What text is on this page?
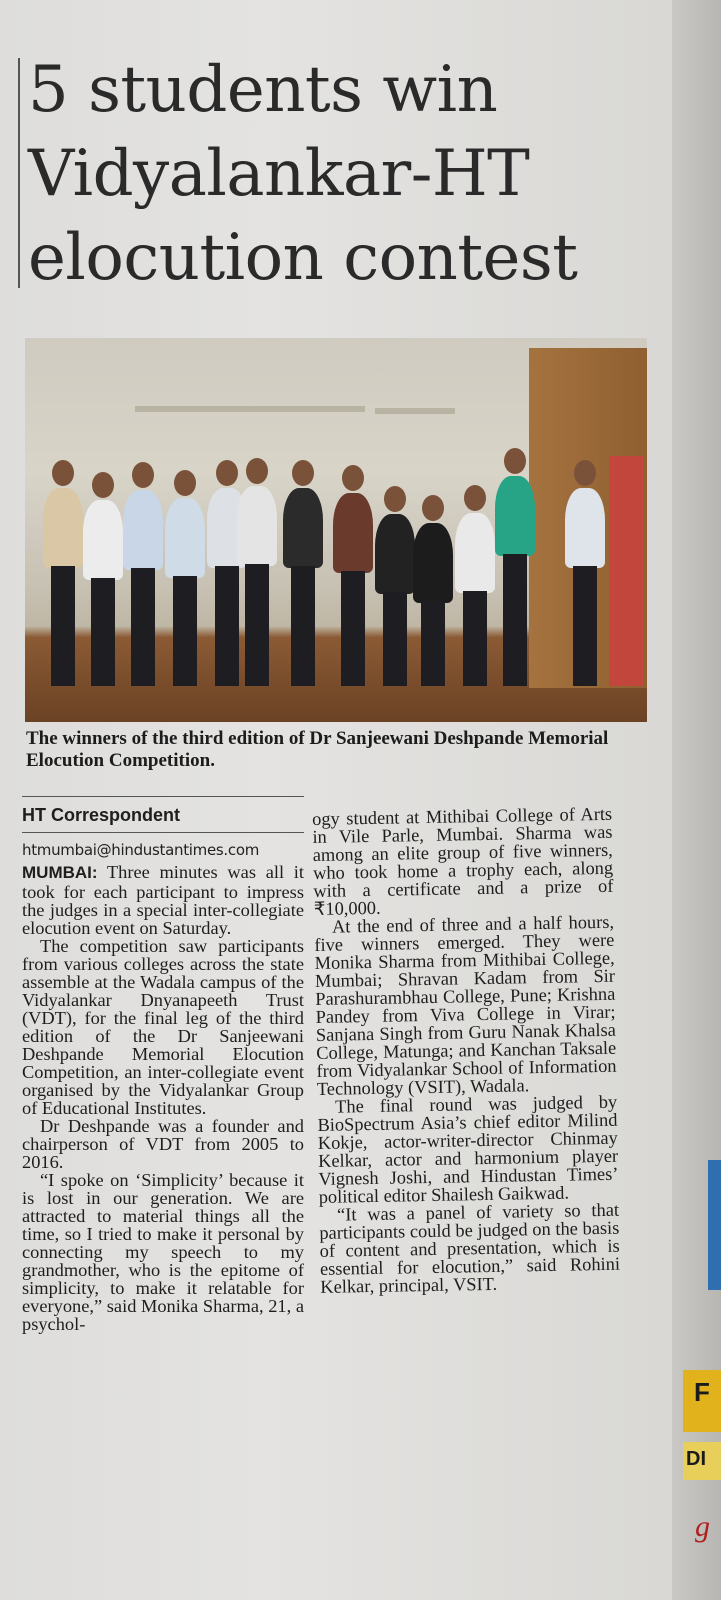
F
DI
g
5 students win Vidyalankar-HT elocution contest

The winners of the third edition of Dr Sanjeewani Deshpande Memorial Elocution Competition.

HT Correspondent

htmumbai@hindustantimes.com

MUMBAI: Three minutes was all it took for each participant to impress the judges in a special inter-collegiate elocution event on Saturday.

The competition saw participants from various colleges across the state assemble at the Wadala campus of the Vidyalankar Dnyanapeeth Trust (VDT), for the final leg of the third edition of the Dr Sanjeewani Deshpande Memorial Elocution Competition, an inter-collegiate event organised by the Vidyalankar Group of Educational Institutes.

Dr Deshpande was a founder and chairperson of VDT from 2005 to 2016.

“I spoke on ‘Simplicity’ because it is lost in our generation. We are attracted to material things all the time, so I tried to make it personal by connecting my speech to my grandmother, who is the epitome of simplicity, to make it relatable for everyone,” said Monika Sharma, 21, a psychol-

ogy student at Mithibai College of Arts in Vile Parle, Mumbai. Sharma was among an elite group of five winners, who took home a trophy each, along with a certificate and a prize of ₹10,000.

At the end of three and a half hours, five winners emerged. They were Monika Sharma from Mithibai College, Mumbai; Shravan Kadam from Sir Parashurambhau College, Pune; Krishna Pandey from Viva College in Virar; Sanjana Singh from Guru Nanak Khalsa College, Matunga; and Kanchan Taksale from Vidyalankar School of Information Technology (VSIT), Wadala.

The final round was judged by BioSpectrum Asia’s chief editor Milind Kokje, actor-writer-director Chinmay Kelkar, actor and harmonium player Vignesh Joshi, and Hindustan Times’ political editor Shailesh Gaikwad.

“It was a panel of variety so that participants could be judged on the basis of content and presentation, which is essential for elocution,” said Rohini Kelkar, principal, VSIT.
